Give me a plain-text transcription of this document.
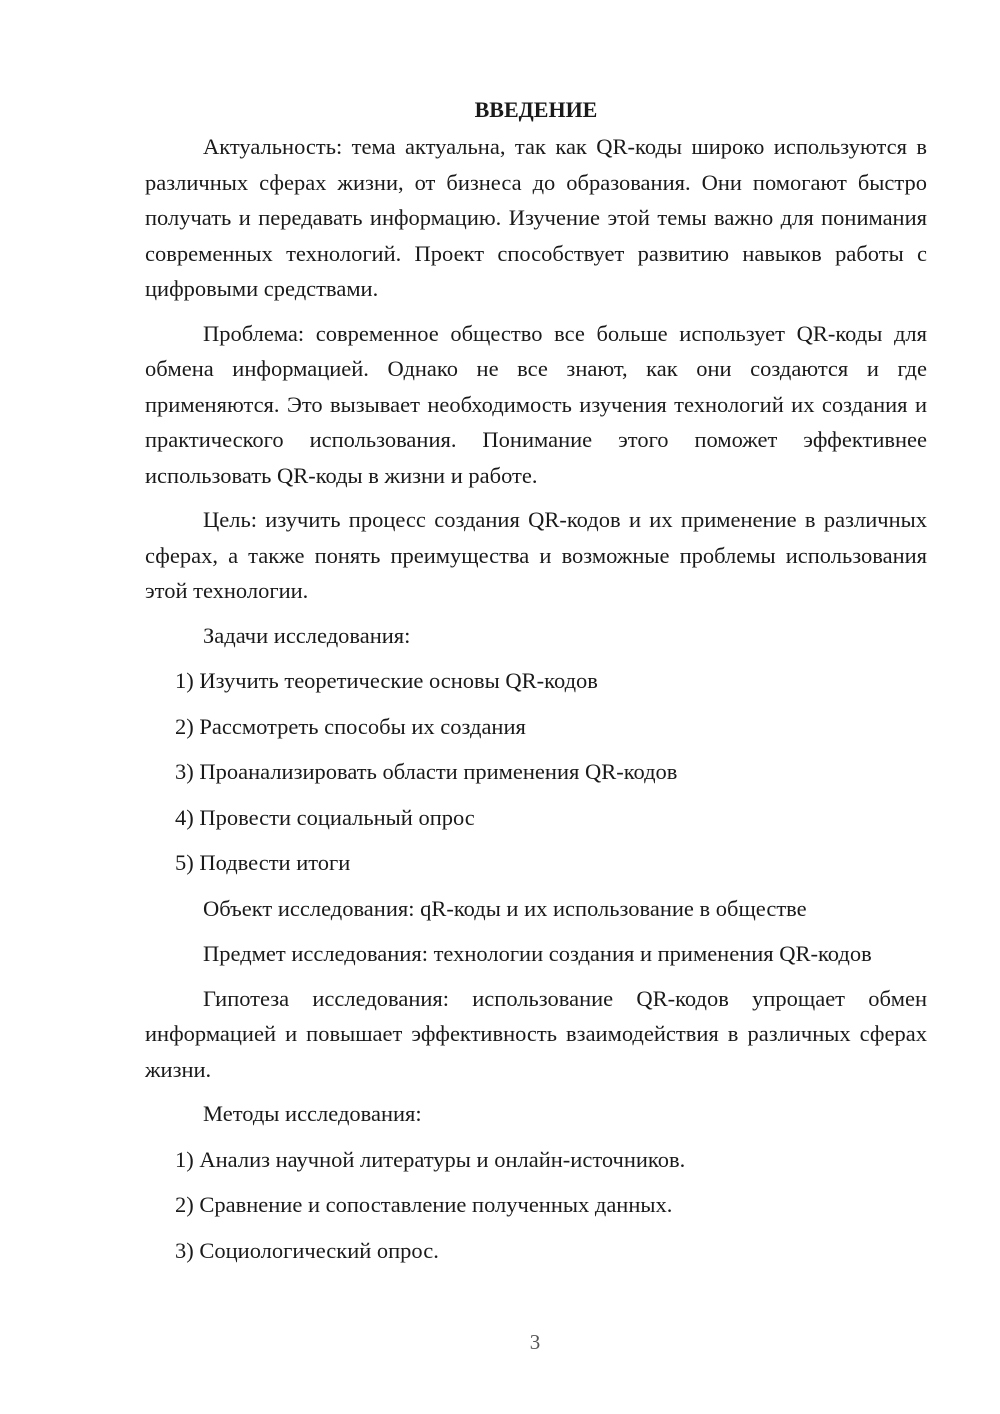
ВВЕДЕНИЕ

Актуальность: тема актуальна, так как QR-коды широко используются в различных сферах жизни, от бизнеса до образования. Они помогают быстро получать и передавать информацию. Изучение этой темы важно для понимания современных технологий. Проект способствует развитию навыков работы с цифровыми средствами.

Проблема: современное общество все больше использует QR-коды для обмена информацией. Однако не все знают, как они создаются и где применяются. Это вызывает необходимость изучения технологий их создания и практического использования. Понимание этого поможет эффективнее использовать QR-коды в жизни и работе.

Цель: изучить процесс создания QR-кодов и их применение в различных сферах, а также понять преимущества и возможные проблемы использования этой технологии.

Задачи исследования:

1) Изучить теоретические основы QR-кодов
2) Рассмотреть способы их создания
3) Проанализировать области применения QR-кодов
4) Провести социальный опрос
5) Подвести итоги

Объект исследования: qR-коды и их использование в обществе

Предмет исследования: технологии создания и применения QR-кодов

Гипотеза исследования: использование QR-кодов упрощает обмен информацией и повышает эффективность взаимодействия в различных сферах жизни.

Методы исследования:

1) Анализ научной литературы и онлайн-источников.
2) Сравнение и сопоставление полученных данных.
3) Социологический опрос.
3
